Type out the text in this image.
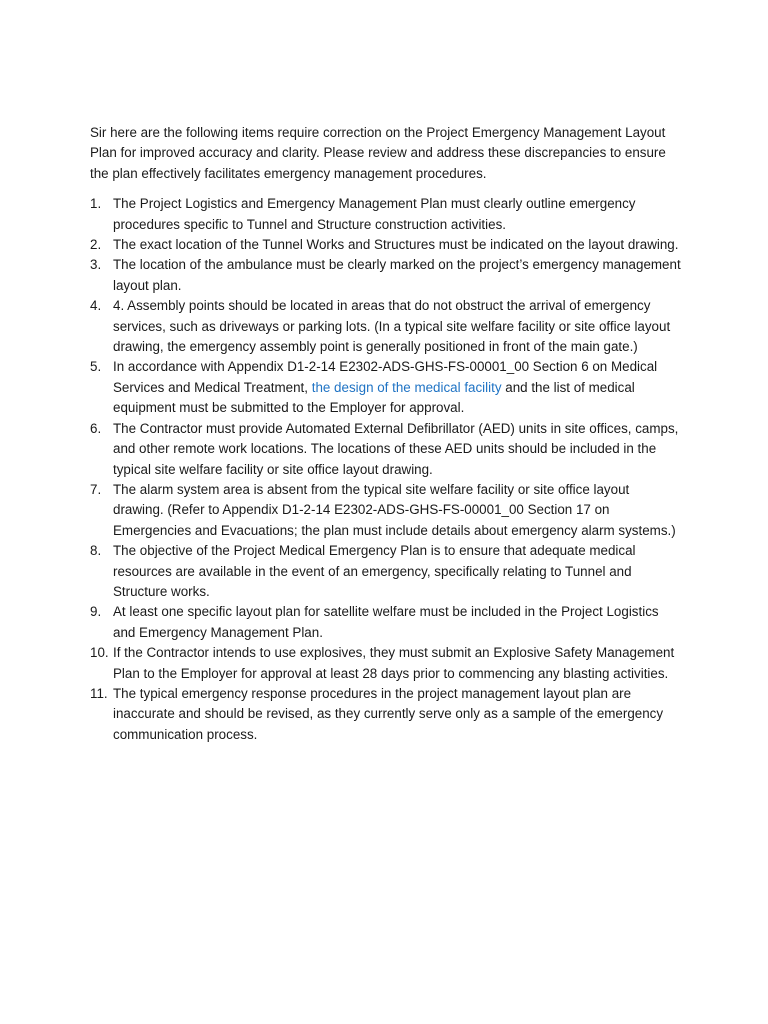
Sir here are the following items require correction on the Project Emergency Management Layout Plan for improved accuracy and clarity. Please review and address these discrepancies to ensure the plan effectively facilitates emergency management procedures.

1. The Project Logistics and Emergency Management Plan must clearly outline emergency procedures specific to Tunnel and Structure construction activities.
2. The exact location of the Tunnel Works and Structures must be indicated on the layout drawing.
3. The location of the ambulance must be clearly marked on the project’s emergency management layout plan.
4. 4. Assembly points should be located in areas that do not obstruct the arrival of emergency services, such as driveways or parking lots. (In a typical site welfare facility or site office layout drawing, the emergency assembly point is generally positioned in front of the main gate.)
5. In accordance with Appendix D1-2-14 E2302-ADS-GHS-FS-00001_00 Section 6 on Medical Services and Medical Treatment, the design of the medical facility and the list of medical equipment must be submitted to the Employer for approval.
6. The Contractor must provide Automated External Defibrillator (AED) units in site offices, camps, and other remote work locations. The locations of these AED units should be included in the typical site welfare facility or site office layout drawing.
7. The alarm system area is absent from the typical site welfare facility or site office layout drawing. (Refer to Appendix D1-2-14 E2302-ADS-GHS-FS-00001_00 Section 17 on Emergencies and Evacuations; the plan must include details about emergency alarm systems.)
8. The objective of the Project Medical Emergency Plan is to ensure that adequate medical resources are available in the event of an emergency, specifically relating to Tunnel and Structure works.
9. At least one specific layout plan for satellite welfare must be included in the Project Logistics and Emergency Management Plan.
10. If the Contractor intends to use explosives, they must submit an Explosive Safety Management Plan to the Employer for approval at least 28 days prior to commencing any blasting activities.
11. The typical emergency response procedures in the project management layout plan are inaccurate and should be revised, as they currently serve only as a sample of the emergency communication process.
